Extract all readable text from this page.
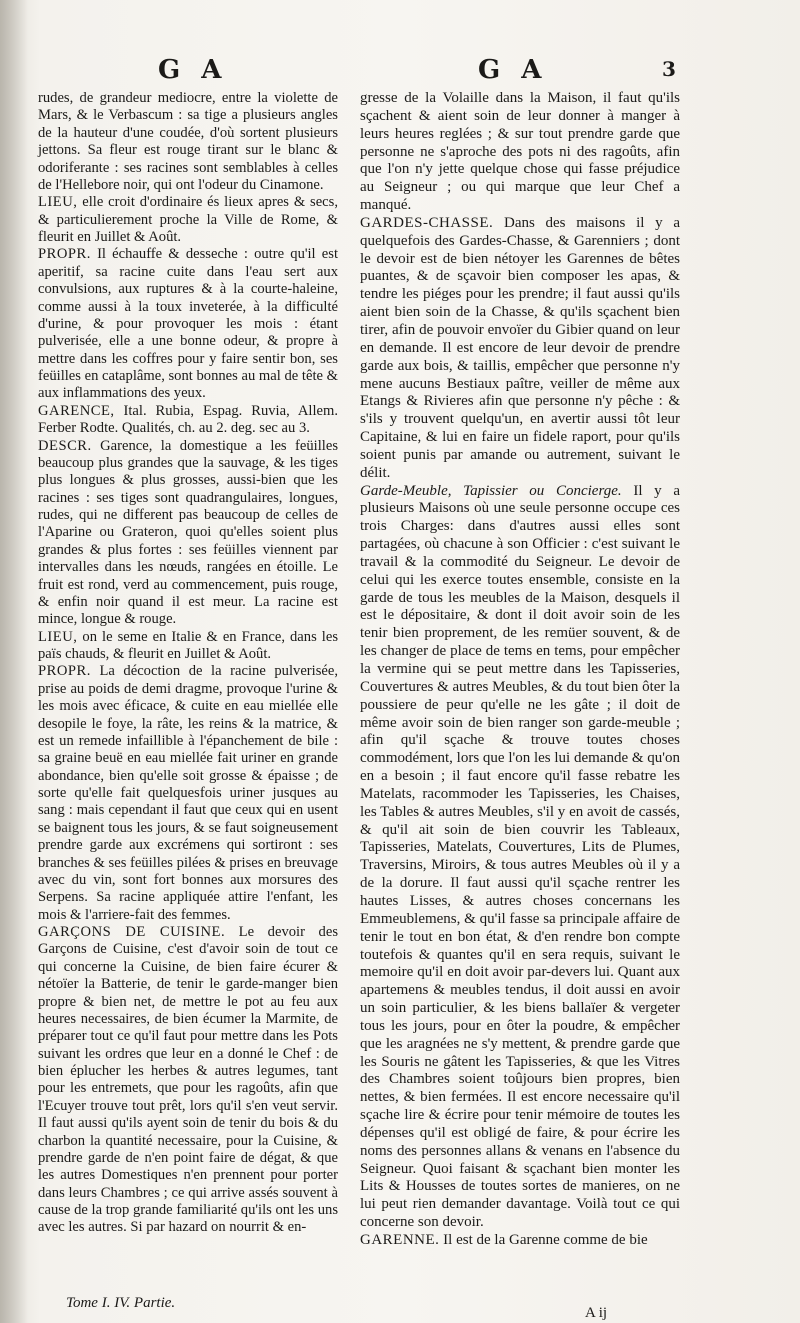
G A	G A	3

rudes, de grandeur mediocre, entre la violette de Mars, & le Verbascum : sa tige a plusieurs angles de la hauteur d'une coudée, d'où sortent plusieurs jettons. Sa fleur est rouge tirant sur le blanc & odoriferante : ses racines sont semblables à celles de l'Hellebore noir, qui ont l'odeur du Cinamone.

LIEU, elle croit d'ordinaire és lieux apres & secs, & particulierement proche la Ville de Rome, & fleurit en Juillet & Août.

PROPR. Il échauffe & desseche : outre qu'il est aperitif, sa racine cuite dans l'eau sert aux convulsions, aux ruptures & à la courte-haleine, comme aussi à la toux inveterée, à la difficulté d'urine, & pour provoquer les mois : étant pulverisée, elle a une bonne odeur, & propre à mettre dans les coffres pour y faire sentir bon, ses feüilles en cataplâme, sont bonnes au mal de tête & aux inflammations des yeux.

GARENCE, Ital. Rubia, Espag. Ruvia, Allem. Ferber Rodte. Qualités, ch. au 2. deg. sec au 3.

DESCR. Garence, la domestique a les feüilles beaucoup plus grandes que la sauvage, & les tiges plus longues & plus grosses, aussi-bien que les racines : ses tiges sont quadrangulaires, longues, rudes, qui ne different pas beaucoup de celles de l'Aparine ou Grateron, quoi qu'elles soient plus grandes & plus fortes : ses feüilles viennent par intervalles dans les nœuds, rangées en étoille. Le fruit est rond, verd au commencement, puis rouge, & enfin noir quand il est meur. La racine est mince, longue & rouge.

LIEU, on le seme en Italie & en France, dans les païs chauds, & fleurit en Juillet & Août.

PROPR. La décoction de la racine pulverisée, prise au poids de demi dragme, provoque l'urine & les mois avec éficace, & cuite en eau miellée elle desopile le foye, la râte, les reins & la matrice, & est un remede infaillible à l'épanchement de bile : sa graine beuë en eau miellée fait uriner en grande abondance, bien qu'elle soit grosse & épaisse ; de sorte qu'elle fait quelquesfois uriner jusques au sang : mais cependant il faut que ceux qui en usent se baignent tous les jours, & se faut soigneusement prendre garde aux excrémens qui sortiront : ses branches & ses feüilles pilées & prises en breuvage avec du vin, sont fort bonnes aux morsures des Serpens. Sa racine appliquée attire l'enfant, les mois & l'arriere-fait des femmes.

GARÇONS DE CUISINE. Le devoir des Garçons de Cuisine, c'est d'avoir soin de tout ce qui concerne la Cuisine, de bien faire écurer & nétoïer la Batterie, de tenir le garde-manger bien propre & bien net, de mettre le pot au feu aux heures necessaires, de bien écumer la Marmite, de préparer tout ce qu'il faut pour mettre dans les Pots suivant les ordres que leur en a donné le Chef : de bien éplucher les herbes & autres legumes, tant pour les entremets, que pour les ragoûts, afin que l'Ecuyer trouve tout prêt, lors qu'il s'en veut servir. Il faut aussi qu'ils ayent soin de tenir du bois & du charbon la quantité necessaire, pour la Cuisine, & prendre garde de n'en point faire de dégat, & que les autres Domestiques n'en prennent pour porter dans leurs Chambres ; ce qui arrive assés souvent à cause de la trop grande familiarité qu'ils ont les uns avec les autres. Si par hazard on nourrit & en-

gresse de la Volaille dans la Maison, il faut qu'ils sçachent & aient soin de leur donner à manger à leurs heures reglées ; & sur tout prendre garde que personne ne s'aproche des pots ni des ragoûts, afin que l'on n'y jette quelque chose qui fasse préjudice au Seigneur ; ou qui marque que leur Chef a manqué.

GARDES-CHASSE. Dans des maisons il y a quelquefois des Gardes-Chasse, & Garenniers ; dont le devoir est de bien nétoyer les Garennes de bêtes puantes, & de sçavoir bien composer les apas, & tendre les piéges pour les prendre; il faut aussi qu'ils aient bien soin de la Chasse, & qu'ils sçachent bien tirer, afin de pouvoir envoïer du Gibier quand on leur en demande. Il est encore de leur devoir de prendre garde aux bois, & taillis, empêcher que personne n'y mene aucuns Bestiaux paître, veiller de même aux Etangs & Rivieres afin que personne n'y pêche : & s'ils y trouvent quelqu'un, en avertir aussi tôt leur Capitaine, & lui en faire un fidele raport, pour qu'ils soient punis par amande ou autrement, suivant le délit.

Garde-Meuble, Tapissier ou Concierge. Il y a plusieurs Maisons où une seule personne occupe ces trois Charges: dans d'autres aussi elles sont partagées, où chacune à son Officier : c'est suivant le travail & la commodité du Seigneur. Le devoir de celui qui les exerce toutes ensemble, consiste en la garde de tous les meubles de la Maison, desquels il est le dépositaire, & dont il doit avoir soin de les tenir bien proprement, de les remüer souvent, & de les changer de place de tems en tems, pour empêcher la vermine qui se peut mettre dans les Tapisseries, Couvertures & autres Meubles, & du tout bien ôter la poussiere de peur qu'elle ne les gâte ; il doit de même avoir soin de bien ranger son garde-meuble ; afin qu'il sçache & trouve toutes choses commodément, lors que l'on les lui demande & qu'on en a besoin ; il faut encore qu'il fasse rebatre les Matelats, racommoder les Tapisseries, les Chaises, les Tables & autres Meubles, s'il y en avoit de cassés, & qu'il ait soin de bien couvrir les Tableaux, Tapisseries, Matelats, Couvertures, Lits de Plumes, Traversins, Miroirs, & tous autres Meubles où il y a de la dorure. Il faut aussi qu'il sçache rentrer les hautes Lisses, & autres choses concernans les Emmeublemens, & qu'il fasse sa principale affaire de tenir le tout en bon état, & d'en rendre bon compte toutefois & quantes qu'il en sera requis, suivant le memoire qu'il en doit avoir par-devers lui. Quant aux apartemens & meubles tendus, il doit aussi en avoir un soin particulier, & les biens ballaïer & vergeter tous les jours, pour en ôter la poudre, & empêcher que les aragnées ne s'y mettent, & prendre garde que les Souris ne gâtent les Tapisseries, & que les Vitres des Chambres soient toûjours bien propres, bien nettes, & bien fermées. Il est encore necessaire qu'il sçache lire & écrire pour tenir mémoire de toutes les dépenses qu'il est obligé de faire, & pour écrire les noms des personnes allans & venans en l'absence du Seigneur. Quoi faisant & sçachant bien monter les Lits & Housses de toutes sortes de manieres, on ne lui peut rien demander davantage. Voilà tout ce qui concerne son devoir.

GARENNE. Il est de la Garenne comme de bie

Tome I. IV. Partie.
A ij
